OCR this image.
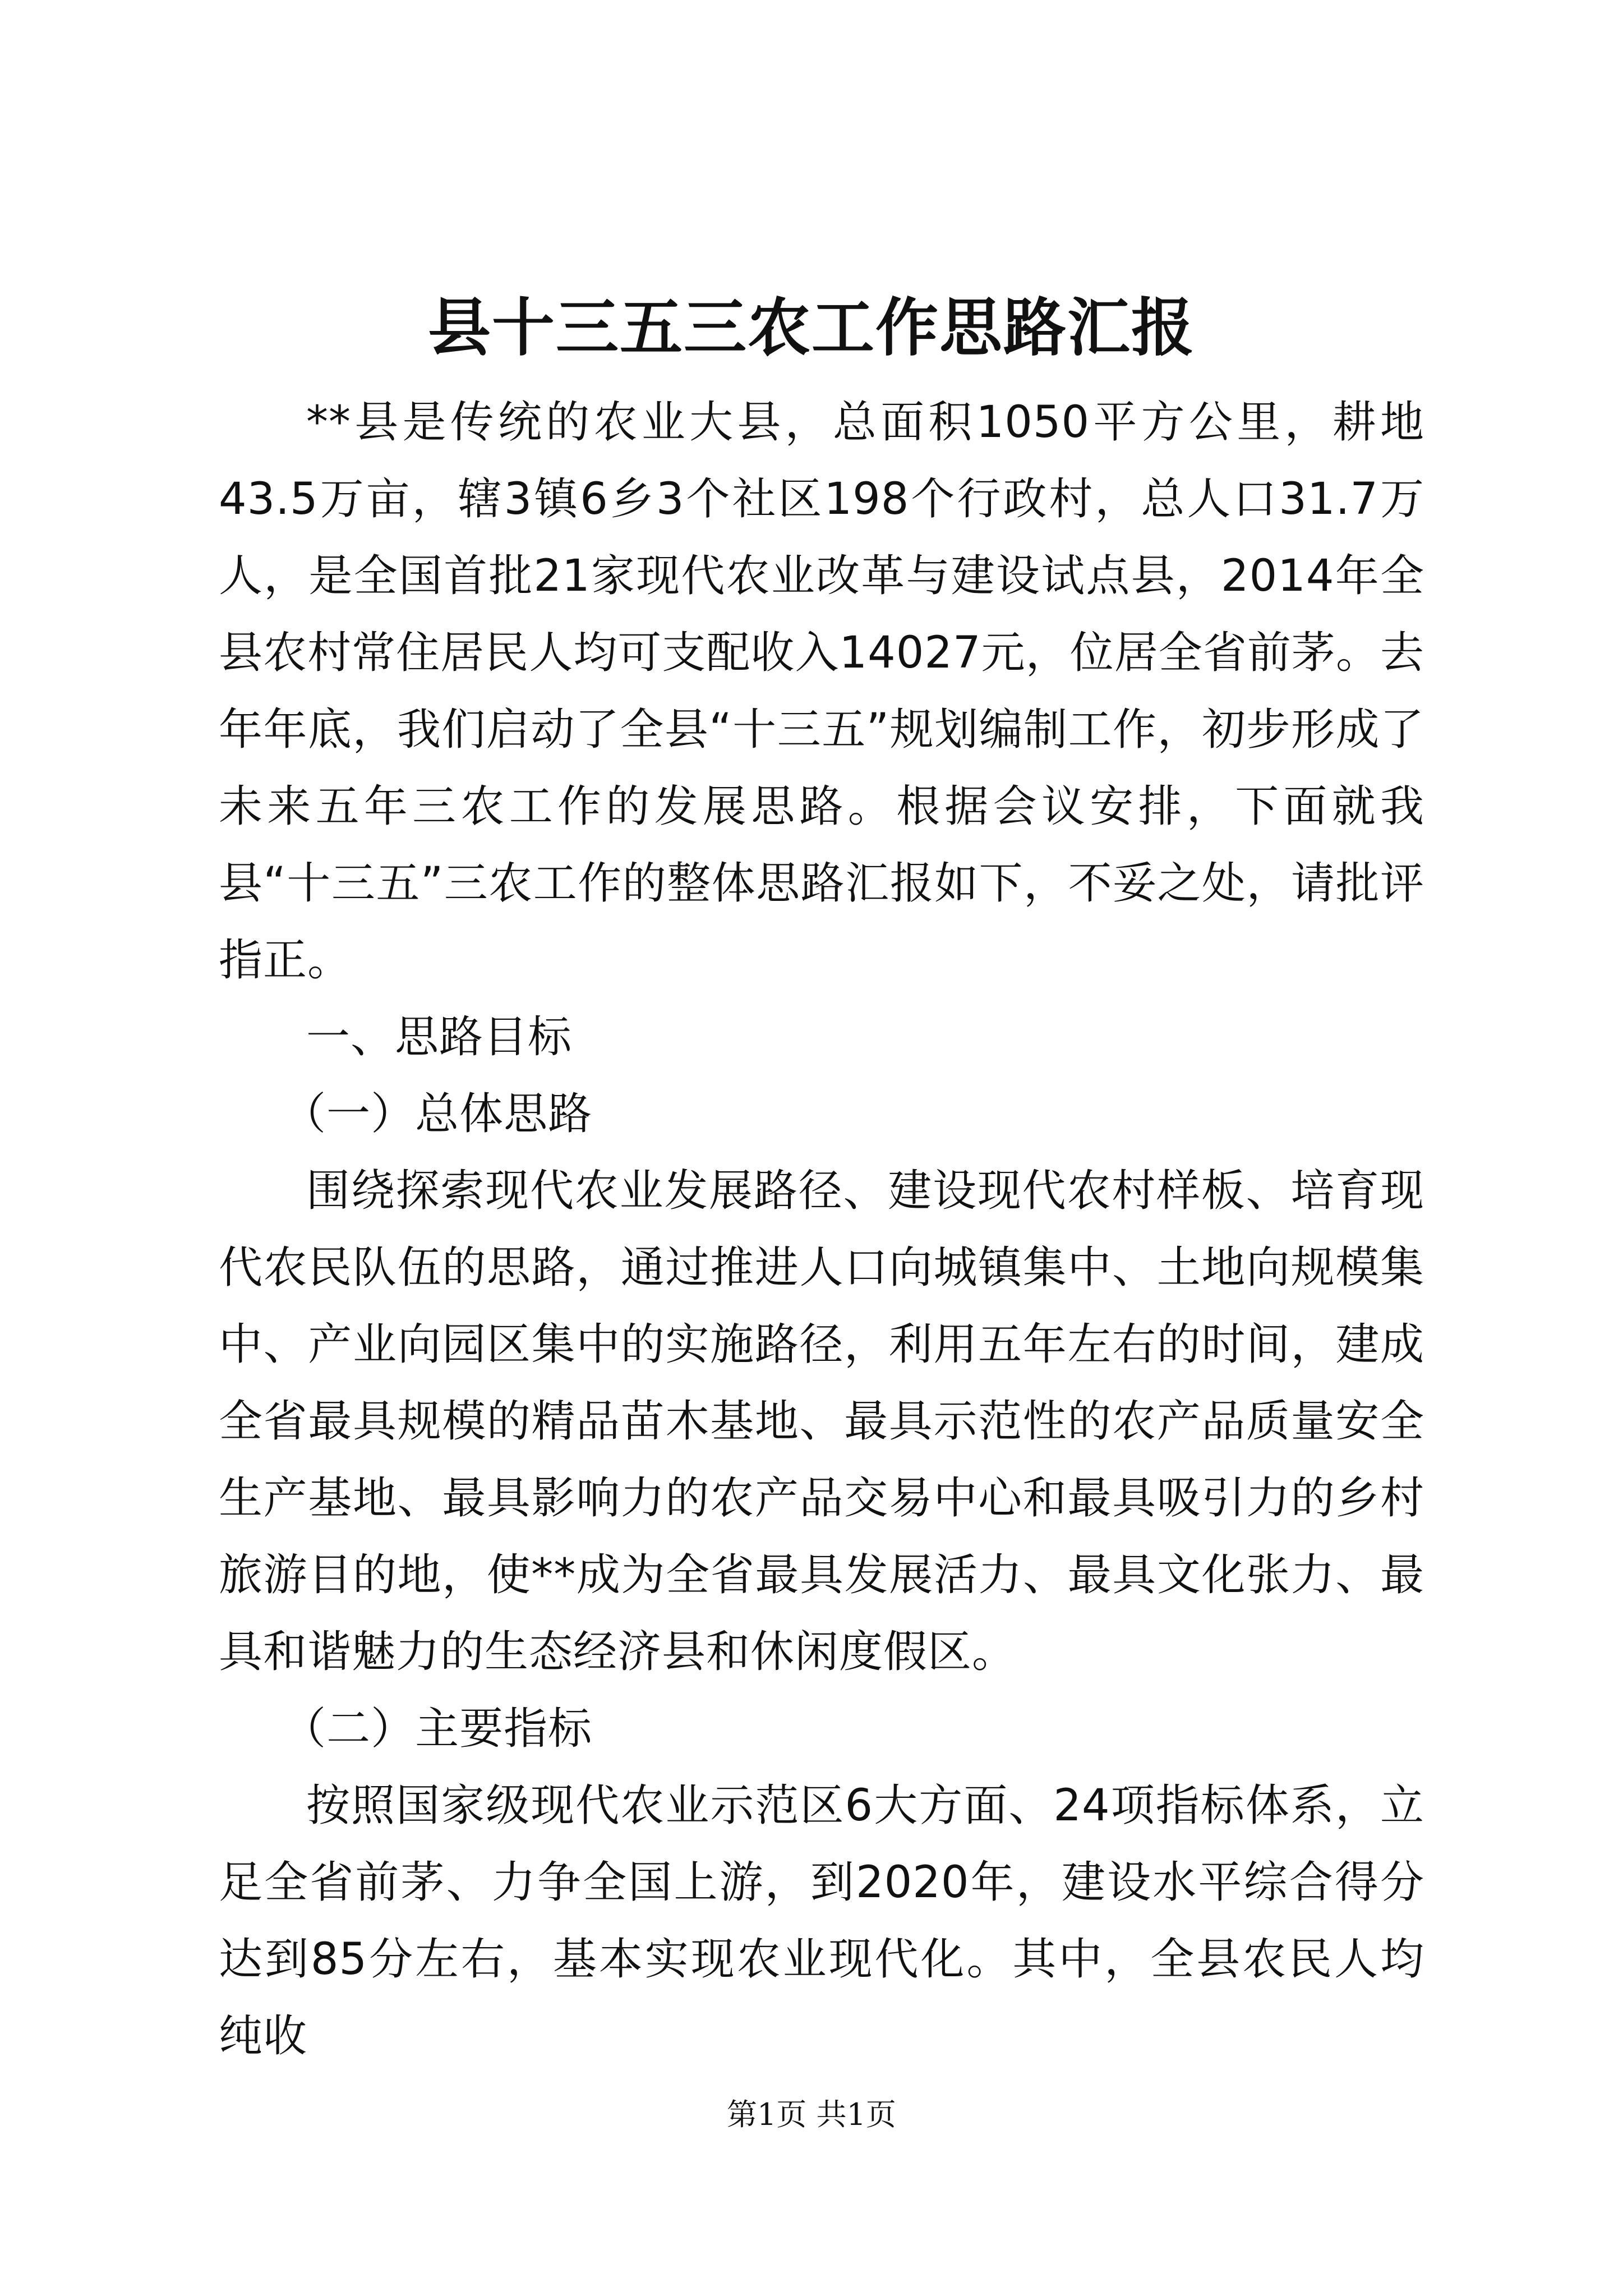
县十三五三农工作思路汇报

**县是传统的农业大县，总面积1050平方公里，耕地43.5万亩，辖3镇6乡3个社区198个行政村，总人口31.7万人，是全国首批21家现代农业改革与建设试点县，2014年全县农村常住居民人均可支配收入14027元，位居全省前茅。去年年底，我们启动了全县“十三五”规划编制工作，初步形成了未来五年三农工作的发展思路。根据会议安排，下面就我县“十三五”三农工作的整体思路汇报如下，不妥之处，请批评指正。

一、思路目标

（一）总体思路

围绕探索现代农业发展路径、建设现代农村样板、培育现代农民队伍的思路，通过推进人口向城镇集中、土地向规模集中、产业向园区集中的实施路径，利用五年左右的时间，建成全省最具规模的精品苗木基地、最具示范性的农产品质量安全生产基地、最具影响力的农产品交易中心和最具吸引力的乡村旅游目的地，使**成为全省最具发展活力、最具文化张力、最具和谐魅力的生态经济县和休闲度假区。

（二）主要指标

按照国家级现代农业示范区6大方面、24项指标体系，立足全省前茅、力争全国上游，到2020年，建设水平综合得分达到85分左右，基本实现农业现代化。其中，全县农民人均纯收

第1页 共1页
